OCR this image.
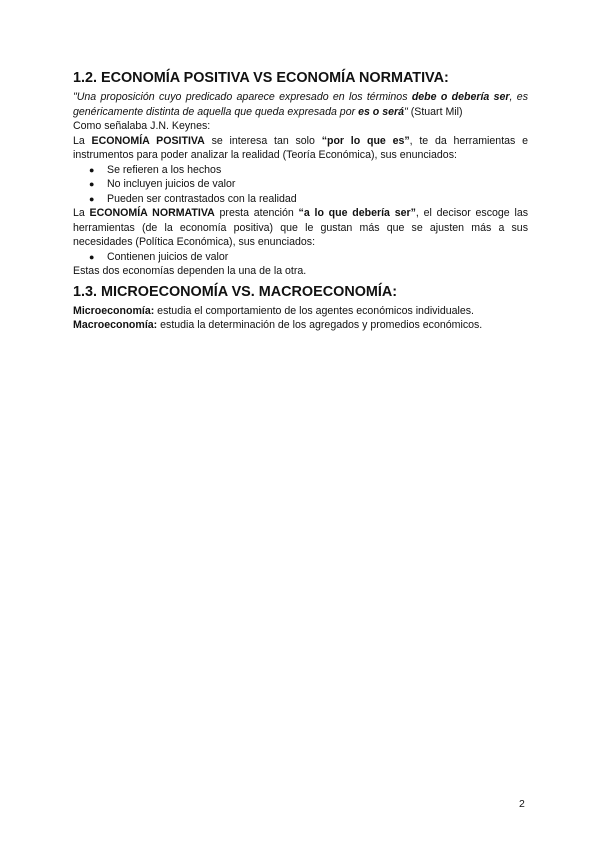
1.2. ECONOMÍA POSITIVA VS ECONOMÍA NORMATIVA:

"Una proposición cuyo predicado aparece expresado en los términos debe o debería ser, es genéricamente distinta de aquella que queda expresada por es o será" (Stuart Mil)

Como señalaba J.N. Keynes:

La ECONOMÍA POSITIVA se interesa tan solo “por lo que es”, te da herramientas e instrumentos para poder analizar la realidad (Teoría Económica), sus enunciados:

● Se refieren a los hechos
● No incluyen juicios de valor
● Pueden ser contrastados con la realidad

La ECONOMÍA NORMATIVA presta atención “a lo que debería ser”, el decisor escoge las herramientas (de la economía positiva) que le gustan más que se ajusten más a sus necesidades (Política Económica), sus enunciados:

● Contienen juicios de valor

Estas dos economías dependen la una de la otra.

1.3. MICROECONOMÍA VS. MACROECONOMÍA:

Microeconomía: estudia el comportamiento de los agentes económicos individuales.

Macroeconomía: estudia la determinación de los agregados y promedios económicos.

2
